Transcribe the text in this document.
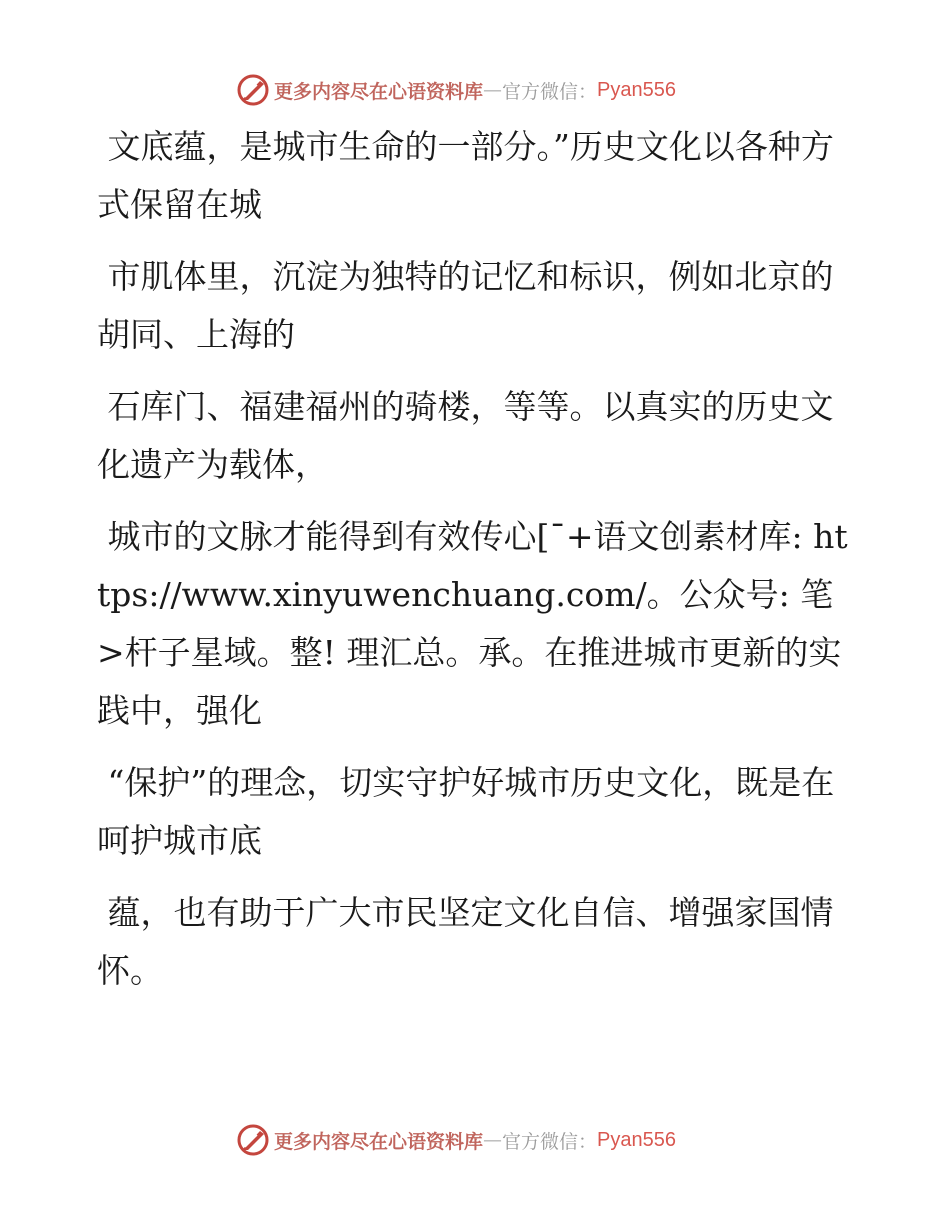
更多内容尽在心语资料库 — 官方微信： Pyan556

文底蕴，是城市生命的一部分。”历史文化以各种方式保留在城

市肌体里，沉淀为独特的记忆和标识，例如北京的胡同、上海的

石库门、福建福州的骑楼，等等。以真实的历史文化遗产为载体，

城市的文脉才能得到有效传心[¯+语文创素材库: https://www.xinyuwenchuang.com/。公众号: 笔>杆子星域。整! 理汇总。承。在推进城市更新的实践中，强化

“保护”的理念，切实守护好城市历史文化，既是在呵护城市底

蕴，也有助于广大市民坚定文化自信、增强家国情怀。

更多内容尽在心语资料库 — 官方微信： Pyan556
